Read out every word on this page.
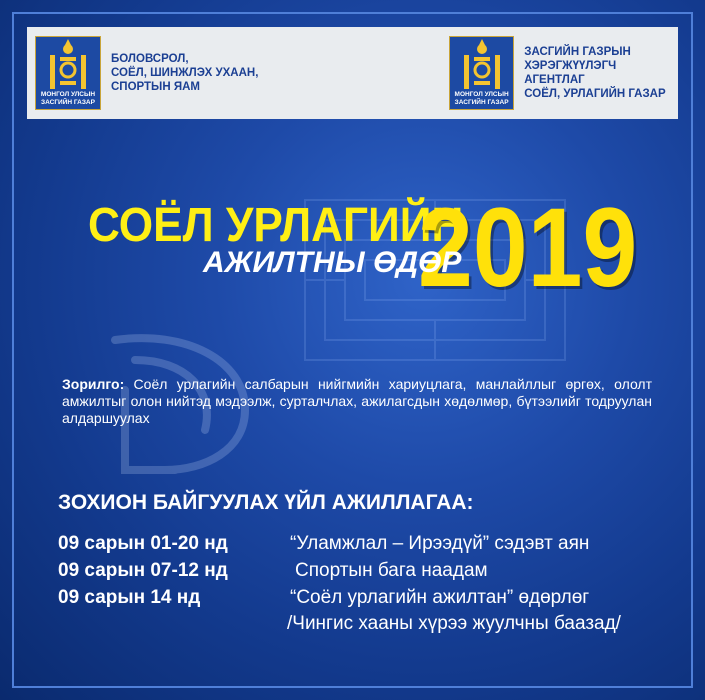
МОНГОЛ УЛСЫН ЗАСГИЙН ГАЗАР
БОЛОВСРОЛ,
СОЁЛ, ШИНЖЛЭХ УХААН,
СПОРТЫН ЯАМ
МОНГОЛ УЛСЫН ЗАСГИЙН ГАЗАР
ЗАСГИЙН ГАЗРЫН
ХЭРЭГЖҮҮЛЭГЧ АГЕНТЛАГ
СОЁЛ, УРЛАГИЙН ГАЗАР
СОЁЛ УРЛАГИЙН
2019
АЖИЛТНЫ ӨДӨР
Зорилго: Соёл урлагийн салбарын нийгмийн хариуцлага, манлайллыг өргөх, ололт амжилтыг олон нийтэд мэдээлж, сурталчлах, ажилагсдын хөдөлмөр, бүтээлийг тодруулан алдаршуулах
ЗОХИОН БАЙГУУЛАХ ҮЙЛ АЖИЛЛАГАА:
09 сарын 01-20 нд	“Уламжлал – Ирээдүй” сэдэвт аян
09 сарын 07-12 нд	Спортын бага наадам
09 сарын 14 нд	“Соёл урлагийн ажилтан” өдөрлөг
/Чингис хааны хүрээ жуулчны баазад/
